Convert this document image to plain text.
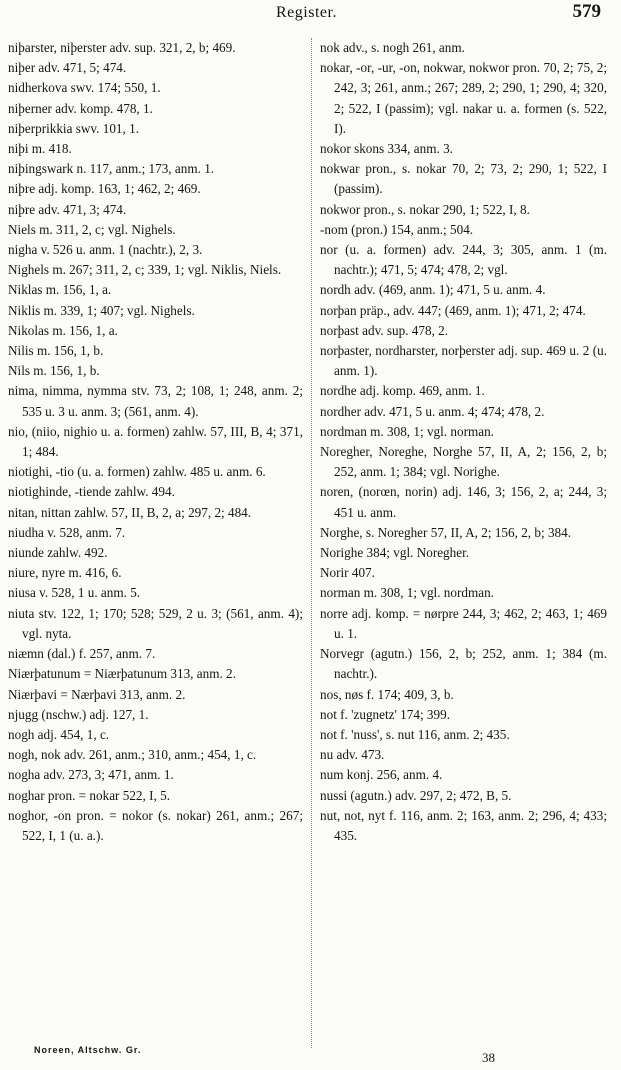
Register.	579

niþarster, niþerster adv. sup. 321, 2, b; 469.

niþer adv. 471, 5; 474.

nidherkova swv. 174; 550, 1.

niþerner adv. komp. 478, 1.

niþerprikkia swv. 101, 1.

niþi m. 418.

niþingswark n. 117, anm.; 173, anm. 1.

niþre adj. komp. 163, 1; 462, 2; 469.

niþre adv. 471, 3; 474.

Niels m. 311, 2, c; vgl. Nighels.

nigha v. 526 u. anm. 1 (nachtr.), 2, 3.

Nighels m. 267; 311, 2, c; 339, 1; vgl. Niklis, Niels.

Niklas m. 156, 1, a.

Niklis m. 339, 1; 407; vgl. Nighels.

Nikolas m. 156, 1, a.

Nilis m. 156, 1, b.

Nils m. 156, 1, b.

nima, nimma, nymma stv. 73, 2; 108, 1; 248, anm. 2; 535 u. 3 u. anm. 3; (561, anm. 4).

nio, (niio, nighio u. a. formen) zahlw. 57, III, B, 4; 371, 1; 484.

niotighi, -tio (u. a. formen) zahlw. 485 u. anm. 6.

niotighinde, -tiende zahlw. 494.

nitan, nittan zahlw. 57, II, B, 2, a; 297, 2; 484.

niudha v. 528, anm. 7.

niunde zahlw. 492.

niure, nyre m. 416, 6.

niusa v. 528, 1 u. anm. 5.

niuta stv. 122, 1; 170; 528; 529, 2 u. 3; (561, anm. 4); vgl. nyta.

niæmn (dal.) f. 257, anm. 7.

Niærþatunum = Niærþatunum 313, anm. 2.

Niærþavi = Nærþavi 313, anm. 2.

njugg (nschw.) adj. 127, 1.

nogh adj. 454, 1, c.

nogh, nok adv. 261, anm.; 310, anm.; 454, 1, c.

nogha adv. 273, 3; 471, anm. 1.

noghar pron. = nokar 522, I, 5.

noghor, -on pron. = nokor (s. nokar) 261, anm.; 267; 522, I, 1 (u. a.).

nok adv., s. nogh 261, anm.

nokar, -or, -ur, -on, nokwar, nokwor pron. 70, 2; 75, 2; 242, 3; 261, anm.; 267; 289, 2; 290, 1; 290, 4; 320, 2; 522, I (passim); vgl. nakar u. a. formen (s. 522, I).

nokor skons 334, anm. 3.

nokwar pron., s. nokar 70, 2; 73, 2; 290, 1; 522, I (passim).

nokwor pron., s. nokar 290, 1; 522, I, 8.

-nom (pron.) 154, anm.; 504.

nor (u. a. formen) adv. 244, 3; 305, anm. 1 (m. nachtr.); 471, 5; 474; 478, 2; vgl.

nordh adv. (469, anm. 1); 471, 5 u. anm. 4.

norþan präp., adv. 447; (469, anm. 1); 471, 2; 474.

norþast adv. sup. 478, 2.

norþaster, nordharster, norþerster adj. sup. 469 u. 2 (u. anm. 1).

nordhe adj. komp. 469, anm. 1.

nordher adv. 471, 5 u. anm. 4; 474; 478, 2.

nordman m. 308, 1; vgl. norman.

Noregher, Noreghe, Norghe 57, II, A, 2; 156, 2, b; 252, anm. 1; 384; vgl. Norighe.

noren, (norœn, norin) adj. 146, 3; 156, 2, a; 244, 3; 451 u. anm.

Norghe, s. Noregher 57, II, A, 2; 156, 2, b; 384.

Norighe 384; vgl. Noregher.

Norir 407.

norman m. 308, 1; vgl. nordman.

norre adj. komp. = nørpre 244, 3; 462, 2; 463, 1; 469 u. 1.

Norvegr (agutn.) 156, 2, b; 252, anm. 1; 384 (m. nachtr.).

nos, nøs f. 174; 409, 3, b.

not f. 'zugnetz' 174; 399.

not f. 'nuss', s. nut 116, anm. 2; 435.

nu adv. 473.

num konj. 256, anm. 4.

nussi (agutn.) adv. 297, 2; 472, B, 5.

nut, not, nyt f. 116, anm. 2; 163, anm. 2; 296, 4; 433; 435.

Noreen, Altschw. Gr.	38
